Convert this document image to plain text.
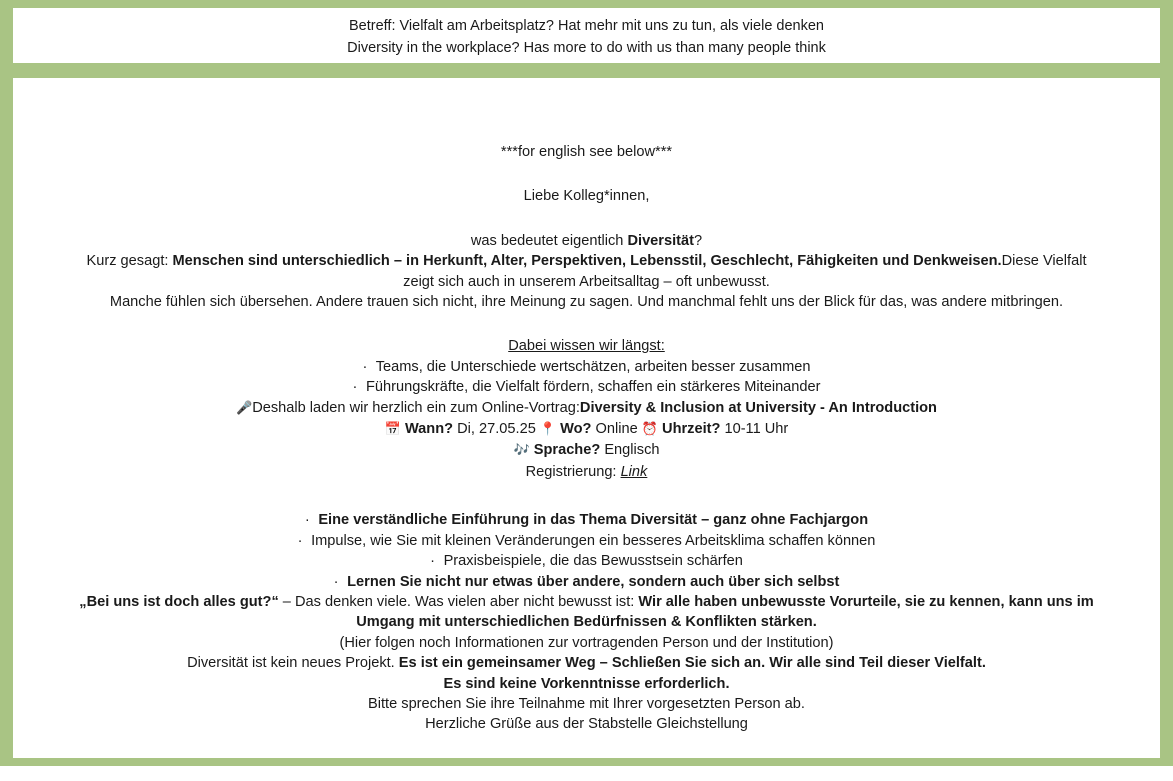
Betreff: Vielfalt am Arbeitsplatz? Hat mehr mit uns zu tun, als viele denken
Diversity in the workplace? Has more to do with us than many people think
***for english see below***
Liebe Kolleg*innen,
was bedeutet eigentlich Diversität?
Kurz gesagt: Menschen sind unterschiedlich – in Herkunft, Alter, Perspektiven, Lebensstil, Geschlecht, Fähigkeiten und Denkweisen.Diese Vielfalt
zeigt sich auch in unserem Arbeitsalltag – oft unbewusst.
Manche fühlen sich übersehen. Andere trauen sich nicht, ihre Meinung zu sagen. Und manchmal fehlt uns der Blick für das, was andere mitbringen.
Dabei wissen wir längst:
· Teams, die Unterschiede wertschätzen, arbeiten besser zusammen
· Führungskräfte, die Vielfalt fördern, schaffen ein stärkeres Miteinander
🎤Deshalb laden wir herzlich ein zum Online-Vortrag:Diversity & Inclusion at University - An Introduction
📅 Wann? Di, 27.05.25 📍 Wo? Online ⏰ Uhrzeit? 10-11 Uhr
🎶 Sprache? Englisch
Registrierung: Link
· Eine verständliche Einführung in das Thema Diversität – ganz ohne Fachjargon
· Impulse, wie Sie mit kleinen Veränderungen ein besseres Arbeitsklima schaffen können
· Praxisbeispiele, die das Bewusstsein schärfen
· Lernen Sie nicht nur etwas über andere, sondern auch über sich selbst
„Bei uns ist doch alles gut?“ – Das denken viele. Was vielen aber nicht bewusst ist: Wir alle haben unbewusste Vorurteile, sie zu kennen, kann uns im
Umgang mit unterschiedlichen Bedürfnissen & Konflikten stärken.
(Hier folgen noch Informationen zur vortragenden Person und der Institution)
Diversität ist kein neues Projekt. Es ist ein gemeinsamer Weg – Schließen Sie sich an. Wir alle sind Teil dieser Vielfalt.
Es sind keine Vorkenntnisse erforderlich.
Bitte sprechen Sie ihre Teilnahme mit Ihrer vorgesetzten Person ab.
Herzliche Grüße aus der Stabstelle Gleichstellung
